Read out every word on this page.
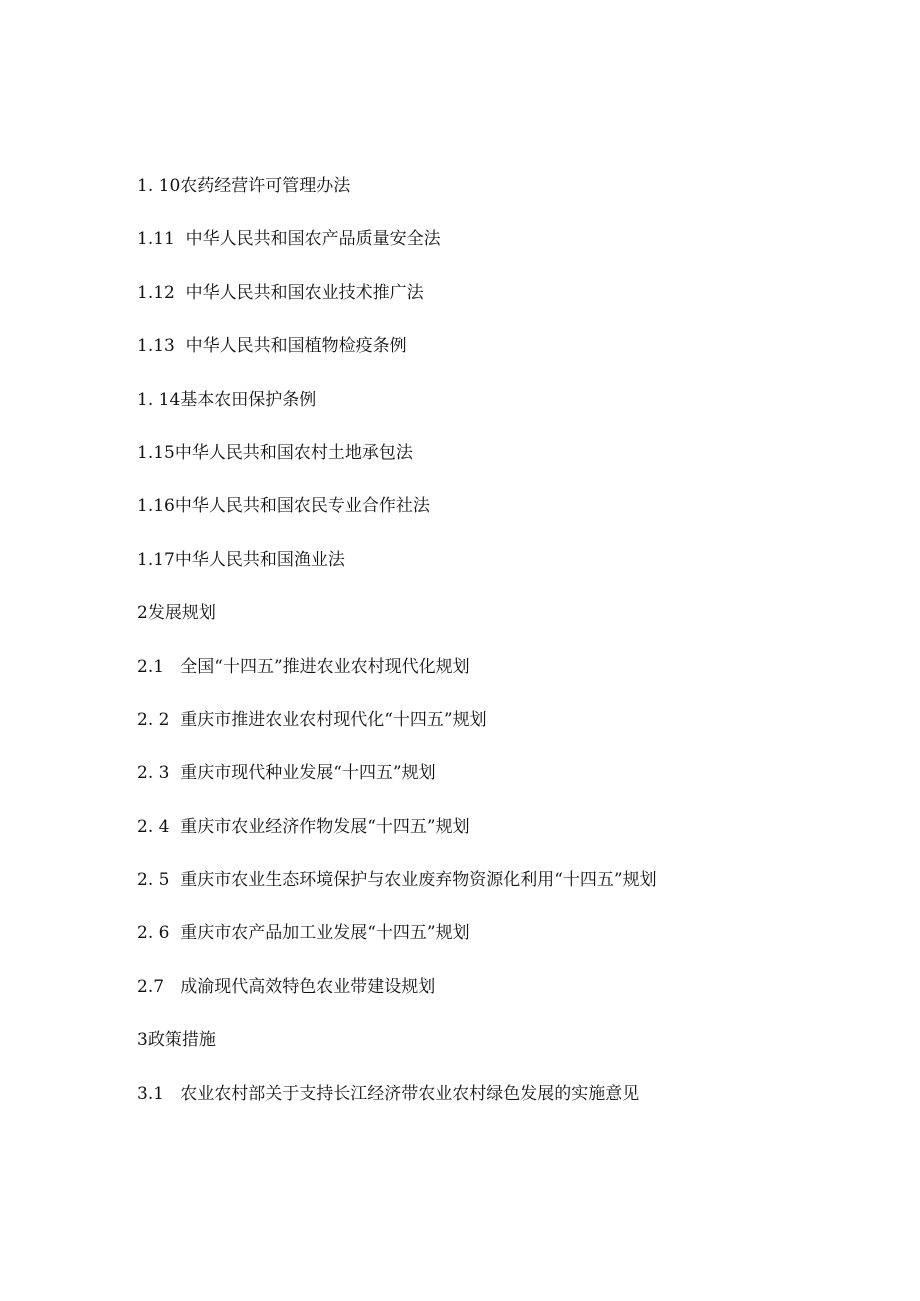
1. 10农药经营许可管理办法

1.11  中华人民共和国农产品质量安全法

1.12  中华人民共和国农业技术推广法

1.13  中华人民共和国植物检疫条例

1. 14基本农田保护条例

1.15中华人民共和国农村土地承包法

1.16中华人民共和国农民专业合作社法

1.17中华人民共和国渔业法

2发展规划

2.1   全国“十四五”推进农业农村现代化规划

2. 2  重庆市推进农业农村现代化“十四五”规划

2. 3  重庆市现代种业发展“十四五”规划

2. 4  重庆市农业经济作物发展“十四五”规划

2. 5  重庆市农业生态环境保护与农业废弃物资源化利用“十四五”规划

2. 6  重庆市农产品加工业发展“十四五”规划

2.7   成渝现代高效特色农业带建设规划

3政策措施

3.1   农业农村部关于支持长江经济带农业农村绿色发展的实施意见
